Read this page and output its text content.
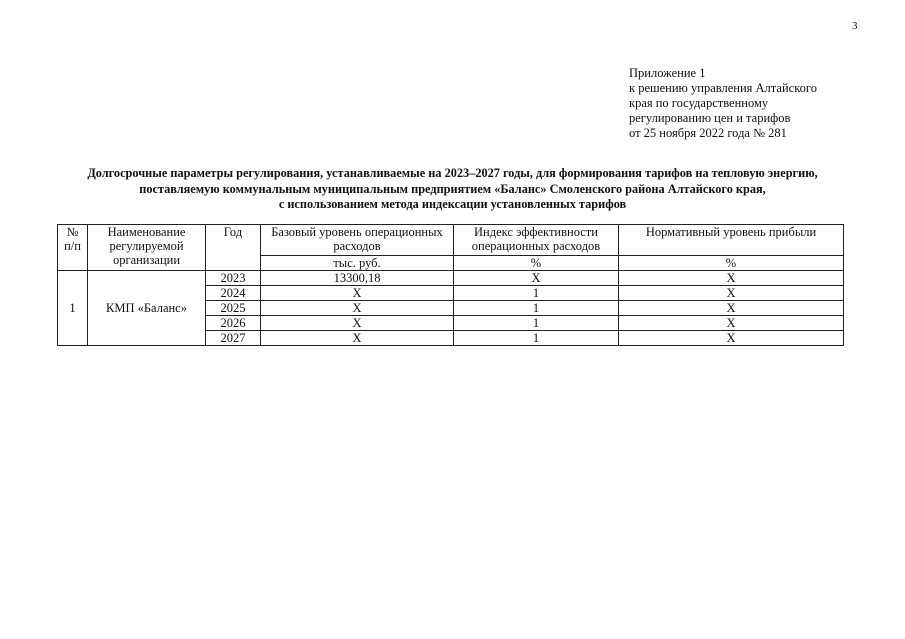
3
Приложение 1
к решению управления Алтайского
края по государственному
регулированию цен и тарифов
от 25 ноября 2022 года № 281
Долгосрочные параметры регулирования, устанавливаемые на 2023–2027 годы, для формирования тарифов на тепловую энергию,
поставляемую коммунальным муниципальным предприятием «Баланс» Смоленского района Алтайского края,
с использованием метода индексации установленных тарифов
№ п/п	Наименование регулируемой организации	Год	Базовый уровень операционных расходов	Индекс эффективности операционных расходов	Нормативный уровень прибыли
			тыс. руб.	%	%
1	КМП «Баланс»	2023	13300,18	Х	Х
		2024	Х	1	Х
		2025	Х	1	Х
		2026	Х	1	Х
		2027	Х	1	Х
